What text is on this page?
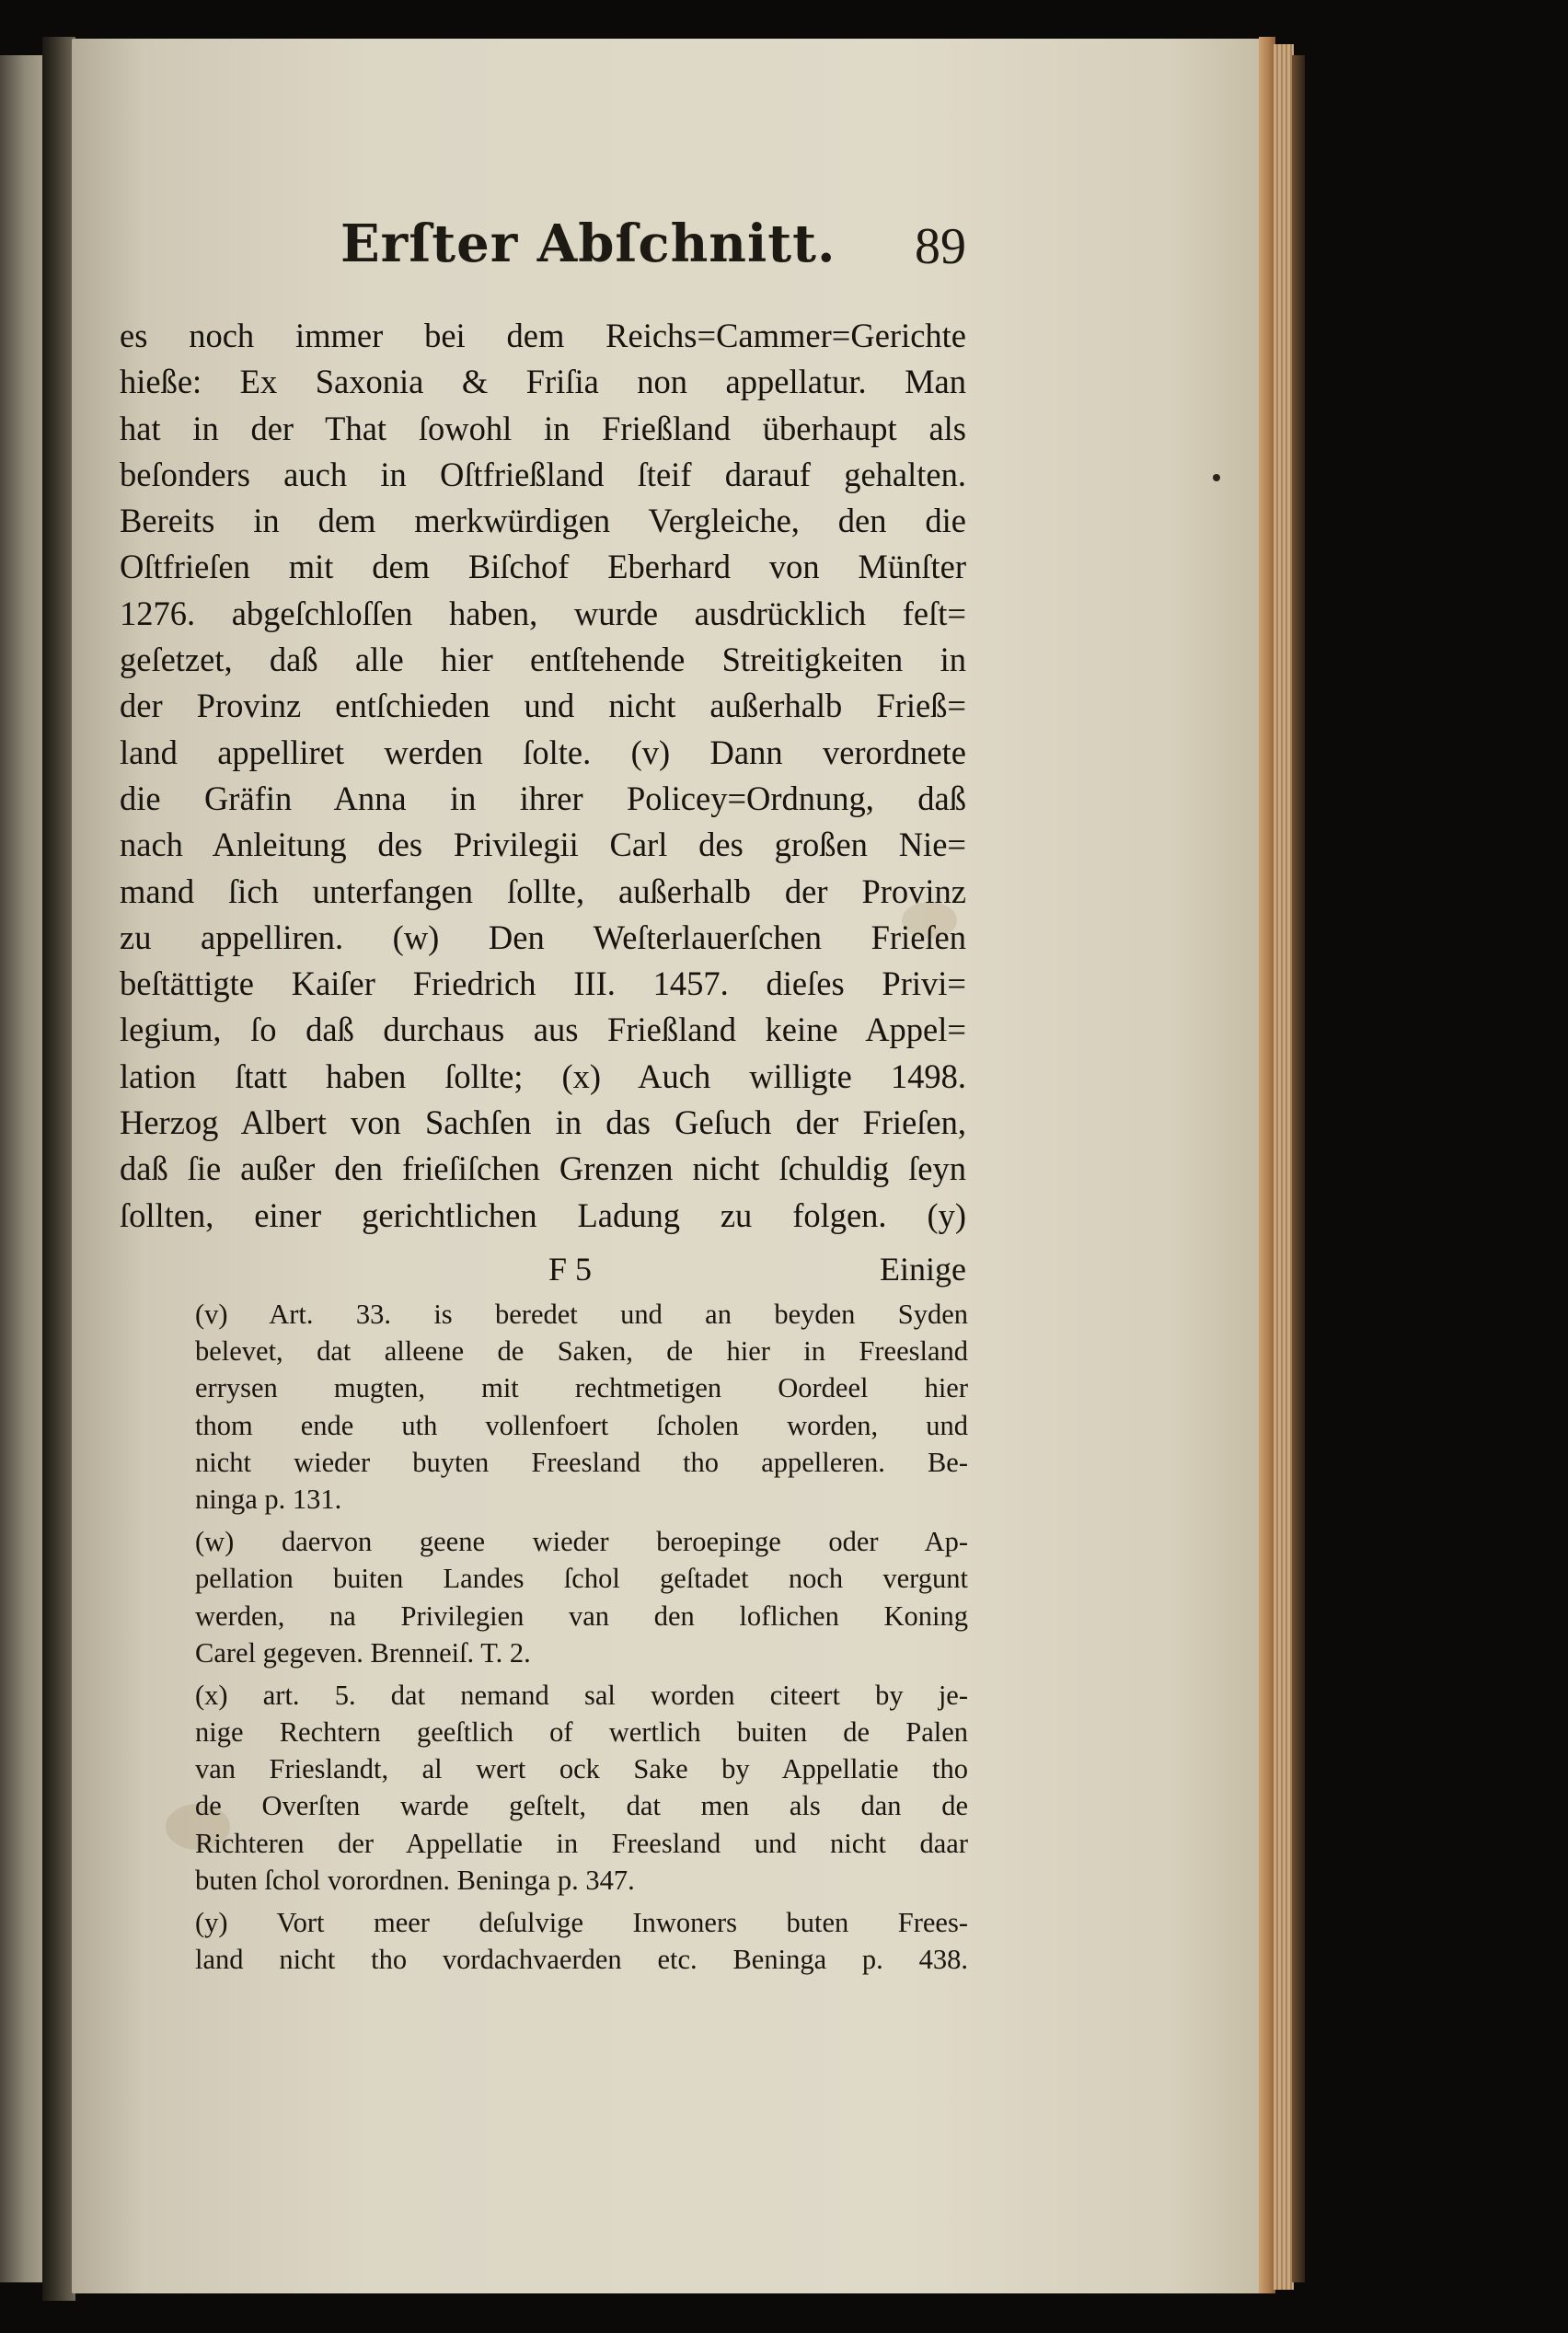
Erſter Abſchnitt. 89
es noch immer bei dem Reichs=Cammer=Gerichte
hieße: Ex Saxonia & Friſia non appellatur. Man
hat in der That ſowohl in Frießland überhaupt als
beſonders auch in Oſtfrießland ſteif darauf gehalten.
Bereits in dem merkwürdigen Vergleiche, den die
Oſtfrieſen mit dem Biſchof Eberhard von Münſter
1276. abgeſchloſſen haben, wurde ausdrücklich feſt=
geſetzet, daß alle hier entſtehende Streitigkeiten in
der Provinz entſchieden und nicht außerhalb Frieß=
land appelliret werden ſolte. (v) Dann verordnete
die Gräfin Anna in ihrer Policey=Ordnung, daß
nach Anleitung des Privilegii Carl des großen Nie=
mand ſich unterfangen ſollte, außerhalb der Provinz
zu appelliren. (w) Den Weſterlauerſchen Frieſen
beſtättigte Kaiſer Friedrich III. 1457. dieſes Privi=
legium, ſo daß durchaus aus Frießland keine Appel=
lation ſtatt haben ſollte; (x) Auch willigte 1498.
Herzog Albert von Sachſen in das Geſuch der Frieſen,
daß ſie außer den frieſiſchen Grenzen nicht ſchuldig ſeyn
ſollten, einer gerichtlichen Ladung zu folgen. (y)
F 5	Einige
(v) Art. 33. is beredet und an beyden Syden
belevet, dat alleene de Saken, de hier in Freesland
errysen mugten, mit rechtmetigen Oordeel hier
thom ende uth vollenfoert ſcholen worden, und
nicht wieder buyten Freesland tho appelleren. Be-
ninga p. 131.
(w) daervon geene wieder beroepinge oder Ap-
pellation buiten Landes ſchol geſtadet noch vergunt
werden, na Privilegien van den loflichen Koning
Carel gegeven. Brenneiſ. T. 2.
(x) art. 5. dat nemand sal worden citeert by je-
nige Rechtern geeſtlich of wertlich buiten de Palen
van Frieslandt, al wert ock Sake by Appellatie tho
de Overſten warde geſtelt, dat men als dan de
Richteren der Appellatie in Freesland und nicht daar
buten ſchol vorordnen. Beninga p. 347.
(y) Vort meer deſulvige Inwoners buten Frees-
land nicht tho vordachvaerden etc. Beninga p. 438.
